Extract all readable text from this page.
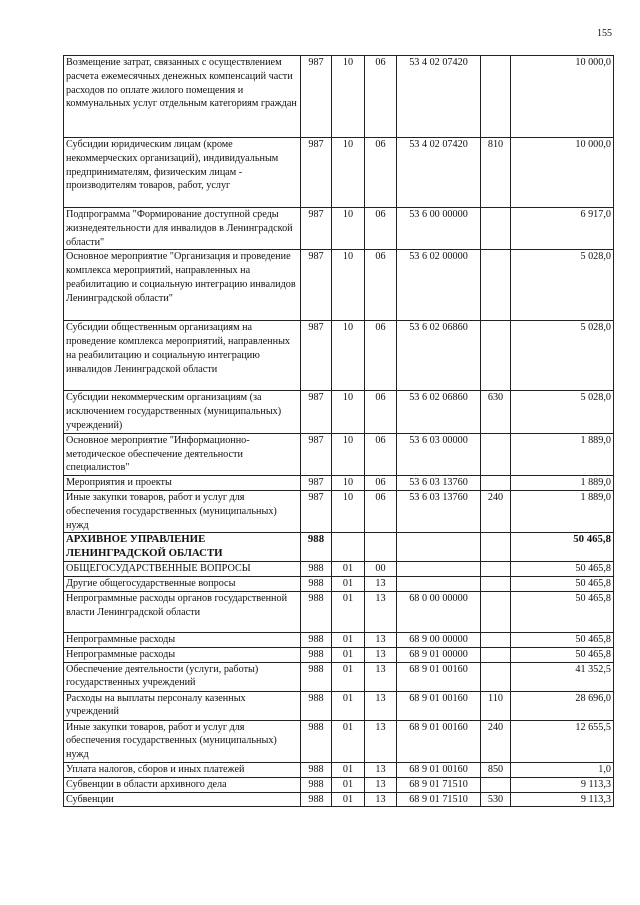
155
Возмещение затрат, связанных с осуществлением расчета ежемесячных денежных компенсаций части расходов по оплате жилого помещения и коммунальных услуг отдельным категориям граждан	987	10	06	53 4 02 07420		10 000,0
Субсидии юридическим лицам (кроме некоммерческих организаций), индивидуальным предпринимателям, физическим лицам - производителям товаров, работ, услуг	987	10	06	53 4 02 07420	810	10 000,0
Подпрограмма "Формирование доступной среды жизнедеятельности для инвалидов в Ленинградской области"	987	10	06	53 6 00 00000		6 917,0
Основное мероприятие "Организация и проведение комплекса мероприятий, направленных на реабилитацию и социальную интеграцию инвалидов Ленинградской области"	987	10	06	53 6 02 00000		5 028,0
Субсидии общественным организациям на проведение комплекса мероприятий, направленных на реабилитацию и социальную интеграцию инвалидов Ленинградской области	987	10	06	53 6 02 06860		5 028,0
Субсидии некоммерческим организациям (за исключением государственных (муниципальных) учреждений)	987	10	06	53 6 02 06860	630	5 028,0
Основное мероприятие "Информационно-методическое обеспечение деятельности специалистов"	987	10	06	53 6 03 00000		1 889,0
Мероприятия и проекты	987	10	06	53 6 03 13760		1 889,0
Иные закупки товаров, работ и услуг для обеспечения государственных (муниципальных) нужд	987	10	06	53 6 03 13760	240	1 889,0
АРХИВНОЕ УПРАВЛЕНИЕ ЛЕНИНГРАДСКОЙ ОБЛАСТИ	988					50 465,8
ОБЩЕГОСУДАРСТВЕННЫЕ ВОПРОСЫ	988	01	00			50 465,8
Другие общегосударственные вопросы	988	01	13			50 465,8
Непрограммные расходы органов государственной власти Ленинградской области	988	01	13	68 0 00 00000		50 465,8
Непрограммные расходы	988	01	13	68 9 00 00000		50 465,8
Непрограммные расходы	988	01	13	68 9 01 00000		50 465,8
Обеспечение деятельности (услуги, работы) государственных учреждений	988	01	13	68 9 01 00160		41 352,5
Расходы на выплаты персоналу казенных учреждений	988	01	13	68 9 01 00160	110	28 696,0
Иные закупки товаров, работ и услуг для обеспечения государственных (муниципальных) нужд	988	01	13	68 9 01 00160	240	12 655,5
Уплата налогов, сборов и иных платежей	988	01	13	68 9 01 00160	850	1,0
Субвенции в области архивного дела	988	01	13	68 9 01 71510		9 113,3
Субвенции	988	01	13	68 9 01 71510	530	9 113,3
